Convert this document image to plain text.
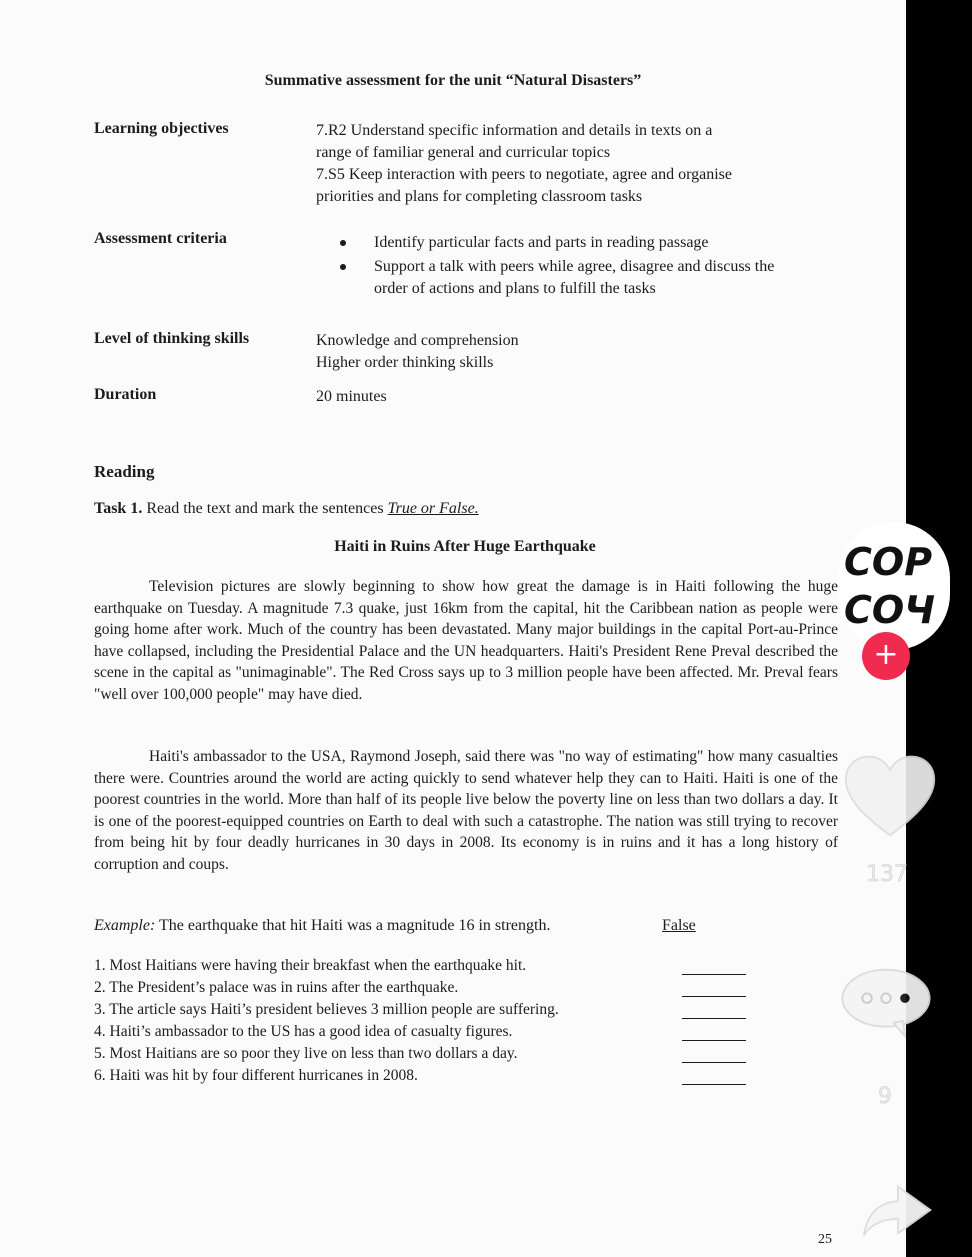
Summative assessment for the unit “Natural Disasters”
Learning objectives	7.R2 Understand specific information and details in texts on a
range of familiar general and curricular topics
7.S5 Keep interaction with peers to negotiate, agree and organise
priorities and plans for completing classroom tasks
Assessment criteria	Identify particular facts and parts in reading passage
Support a talk with peers while agree, disagree and discuss the order of actions and plans to fulfill the tasks
Level of thinking skills	Knowledge and comprehension
Higher order thinking skills
Duration	20 minutes
Reading
Task 1. Read the text and mark the sentences True or False.
Haiti in Ruins After Huge Earthquake
Television pictures are slowly beginning to show how great the damage is in Haiti following the huge earthquake on Tuesday. A magnitude 7.3 quake, just 16km from the capital, hit the Caribbean nation as people were going home after work. Much of the country has been devastated. Many major buildings in the capital Port-au-Prince have collapsed, including the Presidential Palace and the UN headquarters. Haiti's President Rene Preval described the scene in the capital as "unimaginable". The Red Cross says up to 3 million people have been affected. Mr. Preval fears "well over 100,000 people" may have died.
Haiti's ambassador to the USA, Raymond Joseph, said there was "no way of estimating" how many casualties there were. Countries around the world are acting quickly to send whatever help they can to Haiti. Haiti is one of the poorest countries in the world. More than half of its people live below the poverty line on less than two dollars a day. It is one of the poorest-equipped countries on Earth to deal with such a catastrophe. The nation was still trying to recover from being hit by four deadly hurricanes in 30 days in 2008. Its economy is in ruins and it has a long history of corruption and coups.
Example: The earthquake that hit Haiti was a magnitude 16 in strength.	False
1. Most Haitians were having their breakfast when the earthquake hit.
2. The President’s palace was in ruins after the earthquake.
3. The article says Haiti’s president believes 3 million people are suffering.
4. Haiti’s ambassador to the US has a good idea of casualty figures.
5. Most Haitians are so poor they live on less than two dollars a day.
6. Haiti was hit by four different hurricanes in 2008.
25
COP
COЧ
+
137
9
